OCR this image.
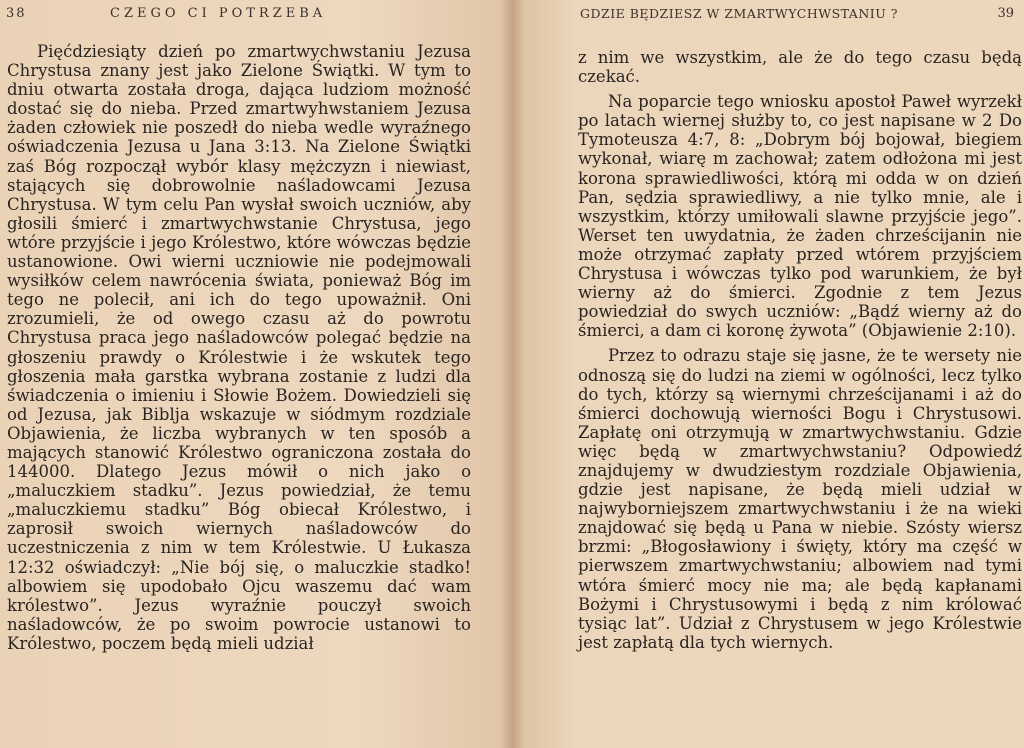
38	CZEGO CI POTRZEBA

Pięćdziesiąty dzień po zmartwychwstaniu Jezusa Chrystusa znany jest jako Zielone Świątki. W tym to dniu otwarta została droga, dająca ludziom możność dostać się do nieba. Przed zmartwyhwstaniem Jezusa żaden człowiek nie poszedł do nieba wedle wyraźnego oświadczenia Jezusa u Jana 3:13. Na Zielone Świątki zaś Bóg rozpoczął wybór klasy mężczyzn i niewiast, stających się dobrowolnie naśladowcami Jezusa Chrystusa. W tym celu Pan wysłał swoich uczniów, aby głosili śmierć i zmartwychwstanie Chrystusa, jego wtóre przyjście i jego Królestwo, które wówczas będzie ustanowione. Owi wierni uczniowie nie podejmowali wysiłków celem nawrócenia świata, ponieważ Bóg im tego ne polecił, ani ich do tego upoważnił. Oni zrozumieli, że od owego czasu aż do powrotu Chrystusa praca jego naśladowców polegać będzie na głoszeniu prawdy o Królestwie i że wskutek tego głoszenia mała garstka wybrana zostanie z ludzi dla świadczenia o imieniu i Słowie Bożem. Dowiedzieli się od Jezusa, jak Biblja wskazuje w siódmym rozdziale Objawienia, że liczba wybranych w ten sposób a mających stanowić Królestwo ograniczona została do 144000. Dlatego Jezus mówił o nich jako o „maluczkiem stadku”. Jezus powiedział, że temu „maluczkiemu stadku” Bóg obiecał Królestwo, i zaprosił swoich wiernych naśladowców do uczestniczenia z nim w tem Królestwie. U Łukasza 12:32 oświadczył: „Nie bój się, o maluczkie stadko! albowiem się upodobało Ojcu waszemu dać wam królestwo”. Jezus wyraźnie pouczył swoich naśladowców, że po swoim powrocie ustanowi to Królestwo, poczem będą mieli udział

GDZIE BĘDZIESZ W ZMARTWYCHWSTANIU ?	39

z nim we wszystkim, ale że do tego czasu będą czekać.

Na poparcie tego wniosku apostoł Paweł wyrzekł po latach wiernej służby to, co jest napisane w 2 Do Tymoteusza 4:7, 8: „Dobrym bój bojował, biegiem wykonał, wiarę m zachował; zatem odłożona mi jest korona sprawiedliwości, którą mi odda w on dzień Pan, sędzia sprawiedliwy, a nie tylko mnie, ale i wszystkim, którzy umiłowali slawne przyjście jego”. Werset ten uwydatnia, że żaden chrześcijanin nie może otrzymać zapłaty przed wtórem przyjściem Chrystusa i wówczas tylko pod warunkiem, że był wierny aż do śmierci. Zgodnie z tem Jezus powiedział do swych uczniów: „Bądź wierny aż do śmierci, a dam ci koronę żywota” (Objawienie 2:10).

Przez to odrazu staje się jasne, że te wersety nie odnoszą się do ludzi na ziemi w ogólności, lecz tylko do tych, którzy są wiernymi chrześcijanami i aż do śmierci dochowują wierności Bogu i Chrystusowi. Zapłatę oni otrzymują w zmartwychwstaniu. Gdzie więc będą w zmartwychwstaniu? Odpowiedź znajdujemy w dwudziestym rozdziale Objawienia, gdzie jest napisane, że będą mieli udział w najwyborniejszem zmartwychwstaniu i że na wieki znajdować się będą u Pana w niebie. Szósty wiersz brzmi: „Błogosławiony i święty, który ma część w pierwszem zmartwychwstaniu; albowiem nad tymi wtóra śmierć mocy nie ma; ale będą kapłanami Bożymi i Chrystusowymi i będą z nim królować tysiąc lat”. Udział z Chrystusem w jego Królestwie jest zapłatą dla tych wiernych.
